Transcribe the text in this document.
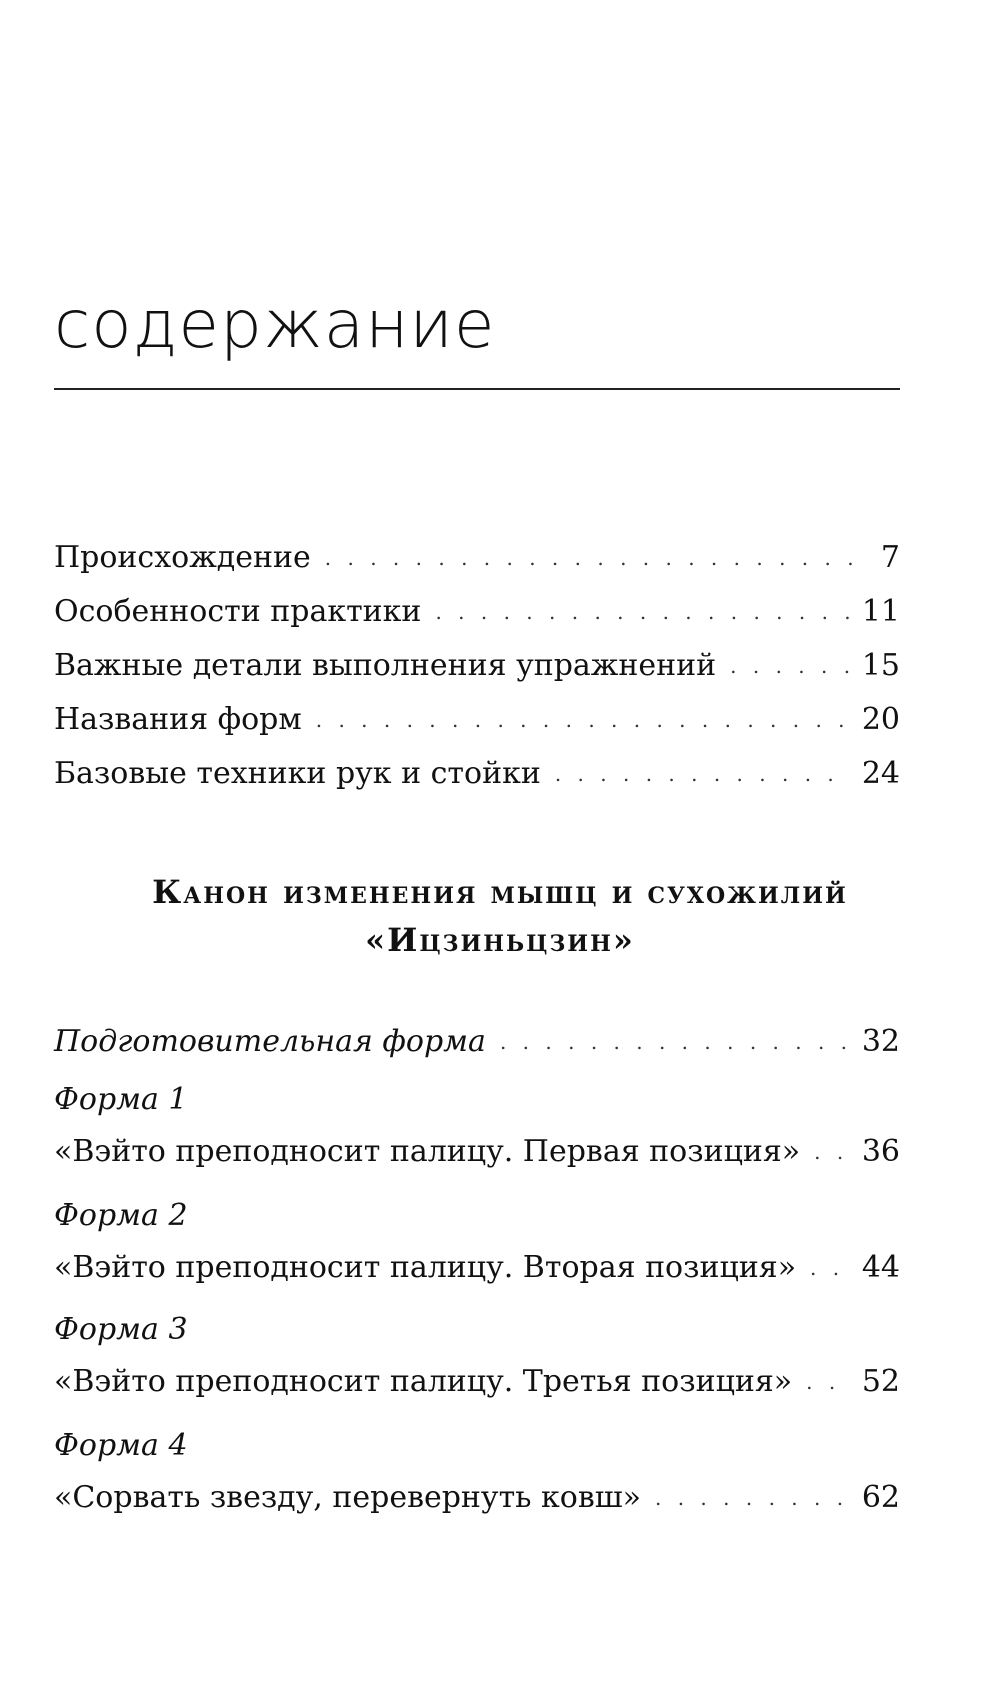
содержание
Происхождение . . .	7
Особенности практики . . .	11
Важные детали выполнения упражнений . . .	15
Названия форм . . .	20
Базовые техники рук и стойки . . .	24
Канон изменения мышц и сухожилий
«Ицзиньцзин»
Подготовительная форма . . .	32
Форма 1
«Вэйто преподносит палицу. Первая позиция» . . . 36
Форма 2
«Вэйто преподносит палицу. Вторая позиция» . . . 44
Форма 3
«Вэйто преподносит палицу. Третья позиция» . . . 52
Форма 4
«Сорвать звезду, перевернуть ковш» . . .	62
